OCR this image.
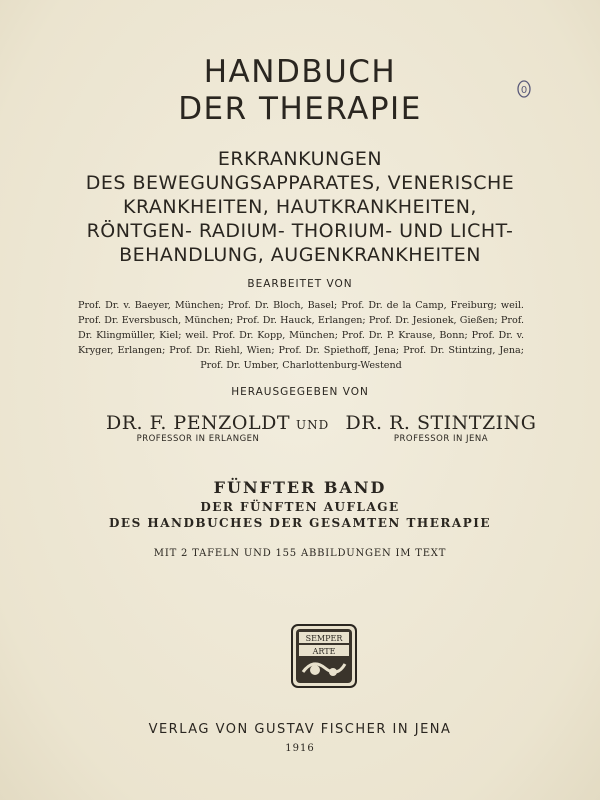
HANDBUCH
DER THERAPIE
0
ERKRANKUNGEN
DES BEWEGUNGSAPPARATES, VENERISCHE
KRANKHEITEN, HAUTKRANKHEITEN,
RÖNTGEN- RADIUM- THORIUM- UND LICHT-
BEHANDLUNG, AUGENKRANKHEITEN
BEARBEITET VON
Prof. Dr. v. Baeyer, München; Prof. Dr. Bloch, Basel; Prof. Dr. de la Camp, Freiburg; weil. Prof. Dr. Eversbusch, München; Prof. Dr. Hauck, Erlangen; Prof. Dr. Jesionek, Gießen; Prof. Dr. Klingmüller, Kiel; weil. Prof. Dr. Kopp, München; Prof. Dr. P. Krause, Bonn; Prof. Dr. v. Kryger, Erlangen; Prof. Dr. Riehl, Wien; Prof. Dr. Spiethoff, Jena; Prof. Dr. Stintzing, Jena; Prof. Dr. Umber, Charlottenburg-Westend
HERAUSGEGEBEN VON
DR. F. PENZOLDT
PROFESSOR IN ERLANGEN
UND DR. R. STINTZING
PROFESSOR IN JENA
FÜNFTER BAND
DER FÜNFTEN AUFLAGE
DES HANDBUCHES DER GESAMTEN THERAPIE
MIT 2 TAFELN UND 155 ABBILDUNGEN IM TEXT
SEMPER
ARTE
VERLAG VON GUSTAV FISCHER IN JENA
1916
